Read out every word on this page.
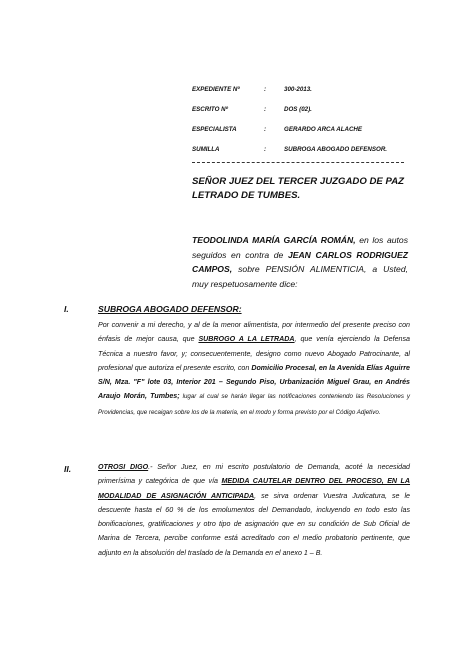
EXPEDIENTE Nº	:	300-2013.
ESCRITO Nº	:	DOS (02).
ESPECIALISTA	:	GERARDO ARCA ALACHE
SUMILLA	:	SUBROGA ABOGADO DEFENSOR.
SEÑOR JUEZ DEL TERCER JUZGADO DE PAZ LETRADO DE TUMBES.
TEODOLINDA MARÍA GARCÍA ROMÁN, en los autos seguidos en contra de JEAN CARLOS RODRIGUEZ CAMPOS, sobre PENSIÓN ALIMENTICIA, a Usted, muy respetuosamente dice:
I.	SUBROGA ABOGADO DEFENSOR:
Por convenir a mi derecho, y al de la menor alimentista, por intermedio del presente preciso con énfasis de mejor causa, que SUBROGO A LA LETRADA, que venía ejerciendo la Defensa Técnica a nuestro favor, y; consecuentemente, designo como nuevo Abogado Patrocinante, al profesional que autoriza el presente escrito, con Domicilio Procesal, en la Avenida Elías Aguirre S/N, Mza. "F" lote 03, Interior 201 – Segundo Piso, Urbanización Miguel Grau, en Andrés Araujo Morán, Tumbes; lugar al cual se harán llegar las notificaciones conteniendo las Resoluciones y Providencias, que recaigan sobre los de la materia, en el modo y forma previsto por el Código Adjetivo.
II.	OTROSI DIGO.- Señor Juez, en mi escrito postulatorio de Demanda, acoté la necesidad primerísima y categórica de que vía MEDIDA CAUTELAR DENTRO DEL PROCESO, EN LA MODALIDAD DE ASIGNACIÓN ANTICIPADA, se sirva ordenar Vuestra Judicatura, se le descuente hasta el 60 % de los emolumentos del Demandado, incluyendo en todo esto las bonificaciones, gratificaciones y otro tipo de asignación que en su condición de Sub Oficial de Marina de Tercera, percibe conforme está acreditado con el medio probatorio pertinente, que adjunto en la absolución del traslado de la Demanda en el anexo 1 – B.
